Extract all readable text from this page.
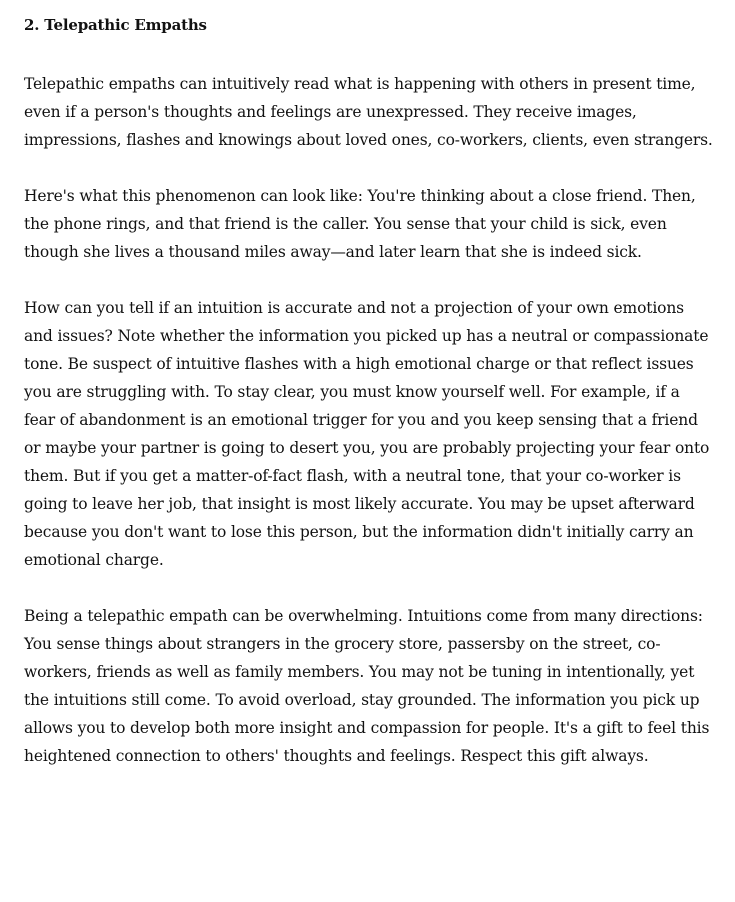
2. Telepathic Empaths

Telepathic empaths can intuitively read what is happening with others in present time, even if a person's thoughts and feelings are unexpressed. They receive images, impressions, flashes and knowings about loved ones, co-workers, clients, even strangers.

Here's what this phenomenon can look like: You're thinking about a close friend. Then, the phone rings, and that friend is the caller. You sense that your child is sick, even though she lives a thousand miles away—and later learn that she is indeed sick.

How can you tell if an intuition is accurate and not a projection of your own emotions and issues? Note whether the information you picked up has a neutral or compassionate tone. Be suspect of intuitive flashes with a high emotional charge or that reflect issues you are struggling with. To stay clear, you must know yourself well. For example, if a fear of abandonment is an emotional trigger for you and you keep sensing that a friend or maybe your partner is going to desert you, you are probably projecting your fear onto them. But if you get a matter-of-fact flash, with a neutral tone, that your co-worker is going to leave her job, that insight is most likely accurate. You may be upset afterward because you don't want to lose this person, but the information didn't initially carry an emotional charge.

Being a telepathic empath can be overwhelming. Intuitions come from many directions: You sense things about strangers in the grocery store, passersby on the street, co-workers, friends as well as family members. You may not be tuning in intentionally, yet the intuitions still come. To avoid overload, stay grounded. The information you pick up allows you to develop both more insight and compassion for people. It's a gift to feel this heightened connection to others' thoughts and feelings. Respect this gift always.
